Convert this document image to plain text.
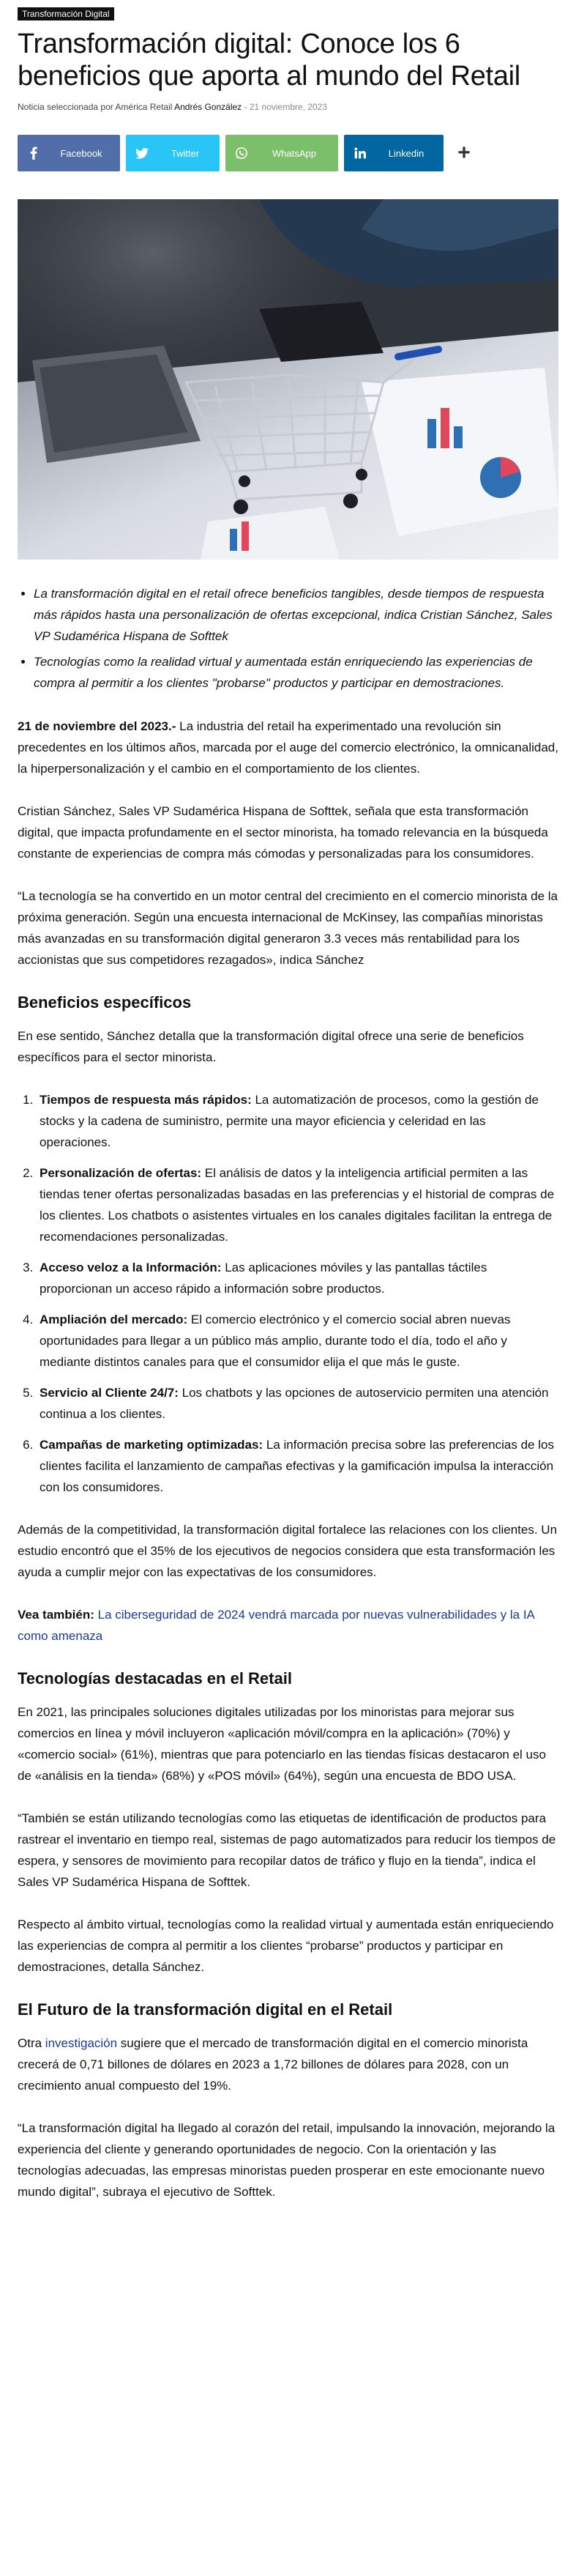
Transformación Digital
Transformación digital: Conoce los 6 beneficios que aporta al mundo del Retail
Noticia seleccionada por América Retail Andrés González - 21 noviembre, 2023
Facebook	Twitter	WhatsApp	Linkedin	+
• La transformación digital en el retail ofrece beneficios tangibles, desde tiempos de respuesta más rápidos hasta una personalización de ofertas excepcional, indica Cristian Sánchez, Sales VP Sudamérica Hispana de Softtek
• Tecnologías como la realidad virtual y aumentada están enriqueciendo las experiencias de compra al permitir a los clientes "probarse" productos y participar en demostraciones.

21 de noviembre del 2023.- La industria del retail ha experimentado una revolución sin precedentes en los últimos años, marcada por el auge del comercio electrónico, la omnicanalidad, la hiperpersonalización y el cambio en el comportamiento de los clientes.

Cristian Sánchez, Sales VP Sudamérica Hispana de Softtek, señala que esta transformación digital, que impacta profundamente en el sector minorista, ha tomado relevancia en la búsqueda constante de experiencias de compra más cómodas y personalizadas para los consumidores.

“La tecnología se ha convertido en un motor central del crecimiento en el comercio minorista de la próxima generación. Según una encuesta internacional de McKinsey, las compañías minoristas más avanzadas en su transformación digital generaron 3.3 veces más rentabilidad para los accionistas que sus competidores rezagados», indica Sánchez

Beneficios específicos

En ese sentido, Sánchez detalla que la transformación digital ofrece una serie de beneficios específicos para el sector minorista.

1. Tiempos de respuesta más rápidos: La automatización de procesos, como la gestión de stocks y la cadena de suministro, permite una mayor eficiencia y celeridad en las operaciones.
2. Personalización de ofertas: El análisis de datos y la inteligencia artificial permiten a las tiendas tener ofertas personalizadas basadas en las preferencias y el historial de compras de los clientes. Los chatbots o asistentes virtuales en los canales digitales facilitan la entrega de recomendaciones personalizadas.
3. Acceso veloz a la Información: Las aplicaciones móviles y las pantallas táctiles proporcionan un acceso rápido a información sobre productos.
4. Ampliación del mercado: El comercio electrónico y el comercio social abren nuevas oportunidades para llegar a un público más amplio, durante todo el día, todo el año y mediante distintos canales para que el consumidor elija el que más le guste.
5. Servicio al Cliente 24/7: Los chatbots y las opciones de autoservicio permiten una atención continua a los clientes.
6. Campañas de marketing optimizadas: La información precisa sobre las preferencias de los clientes facilita el lanzamiento de campañas efectivas y la gamificación impulsa la interacción con los consumidores.

Además de la competitividad, la transformación digital fortalece las relaciones con los clientes. Un estudio encontró que el 35% de los ejecutivos de negocios considera que esta transformación les ayuda a cumplir mejor con las expectativas de los consumidores.

Vea también: La ciberseguridad de 2024 vendrá marcada por nuevas vulnerabilidades y la IA como amenaza

Tecnologías destacadas en el Retail

En 2021, las principales soluciones digitales utilizadas por los minoristas para mejorar sus comercios en línea y móvil incluyeron «aplicación móvil/compra en la aplicación» (70%) y «comercio social» (61%), mientras que para potenciarlo en las tiendas físicas destacaron el uso de «análisis en la tienda» (68%) y «POS móvil» (64%), según una encuesta de BDO USA.

“También se están utilizando tecnologías como las etiquetas de identificación de productos para rastrear el inventario en tiempo real, sistemas de pago automatizados para reducir los tiempos de espera, y sensores de movimiento para recopilar datos de tráfico y flujo en la tienda”, indica el Sales VP Sudamérica Hispana de Softtek.

Respecto al ámbito virtual, tecnologías como la realidad virtual y aumentada están enriqueciendo las experiencias de compra al permitir a los clientes “probarse” productos y participar en demostraciones, detalla Sánchez.

El Futuro de la transformación digital en el Retail

Otra investigación sugiere que el mercado de transformación digital en el comercio minorista crecerá de 0,71 billones de dólares en 2023 a 1,72 billones de dólares para 2028, con un crecimiento anual compuesto del 19%.

“La transformación digital ha llegado al corazón del retail, impulsando la innovación, mejorando la experiencia del cliente y generando oportunidades de negocio. Con la orientación y las tecnologías adecuadas, las empresas minoristas pueden prosperar en este emocionante nuevo mundo digital”, subraya el ejecutivo de Softtek.
